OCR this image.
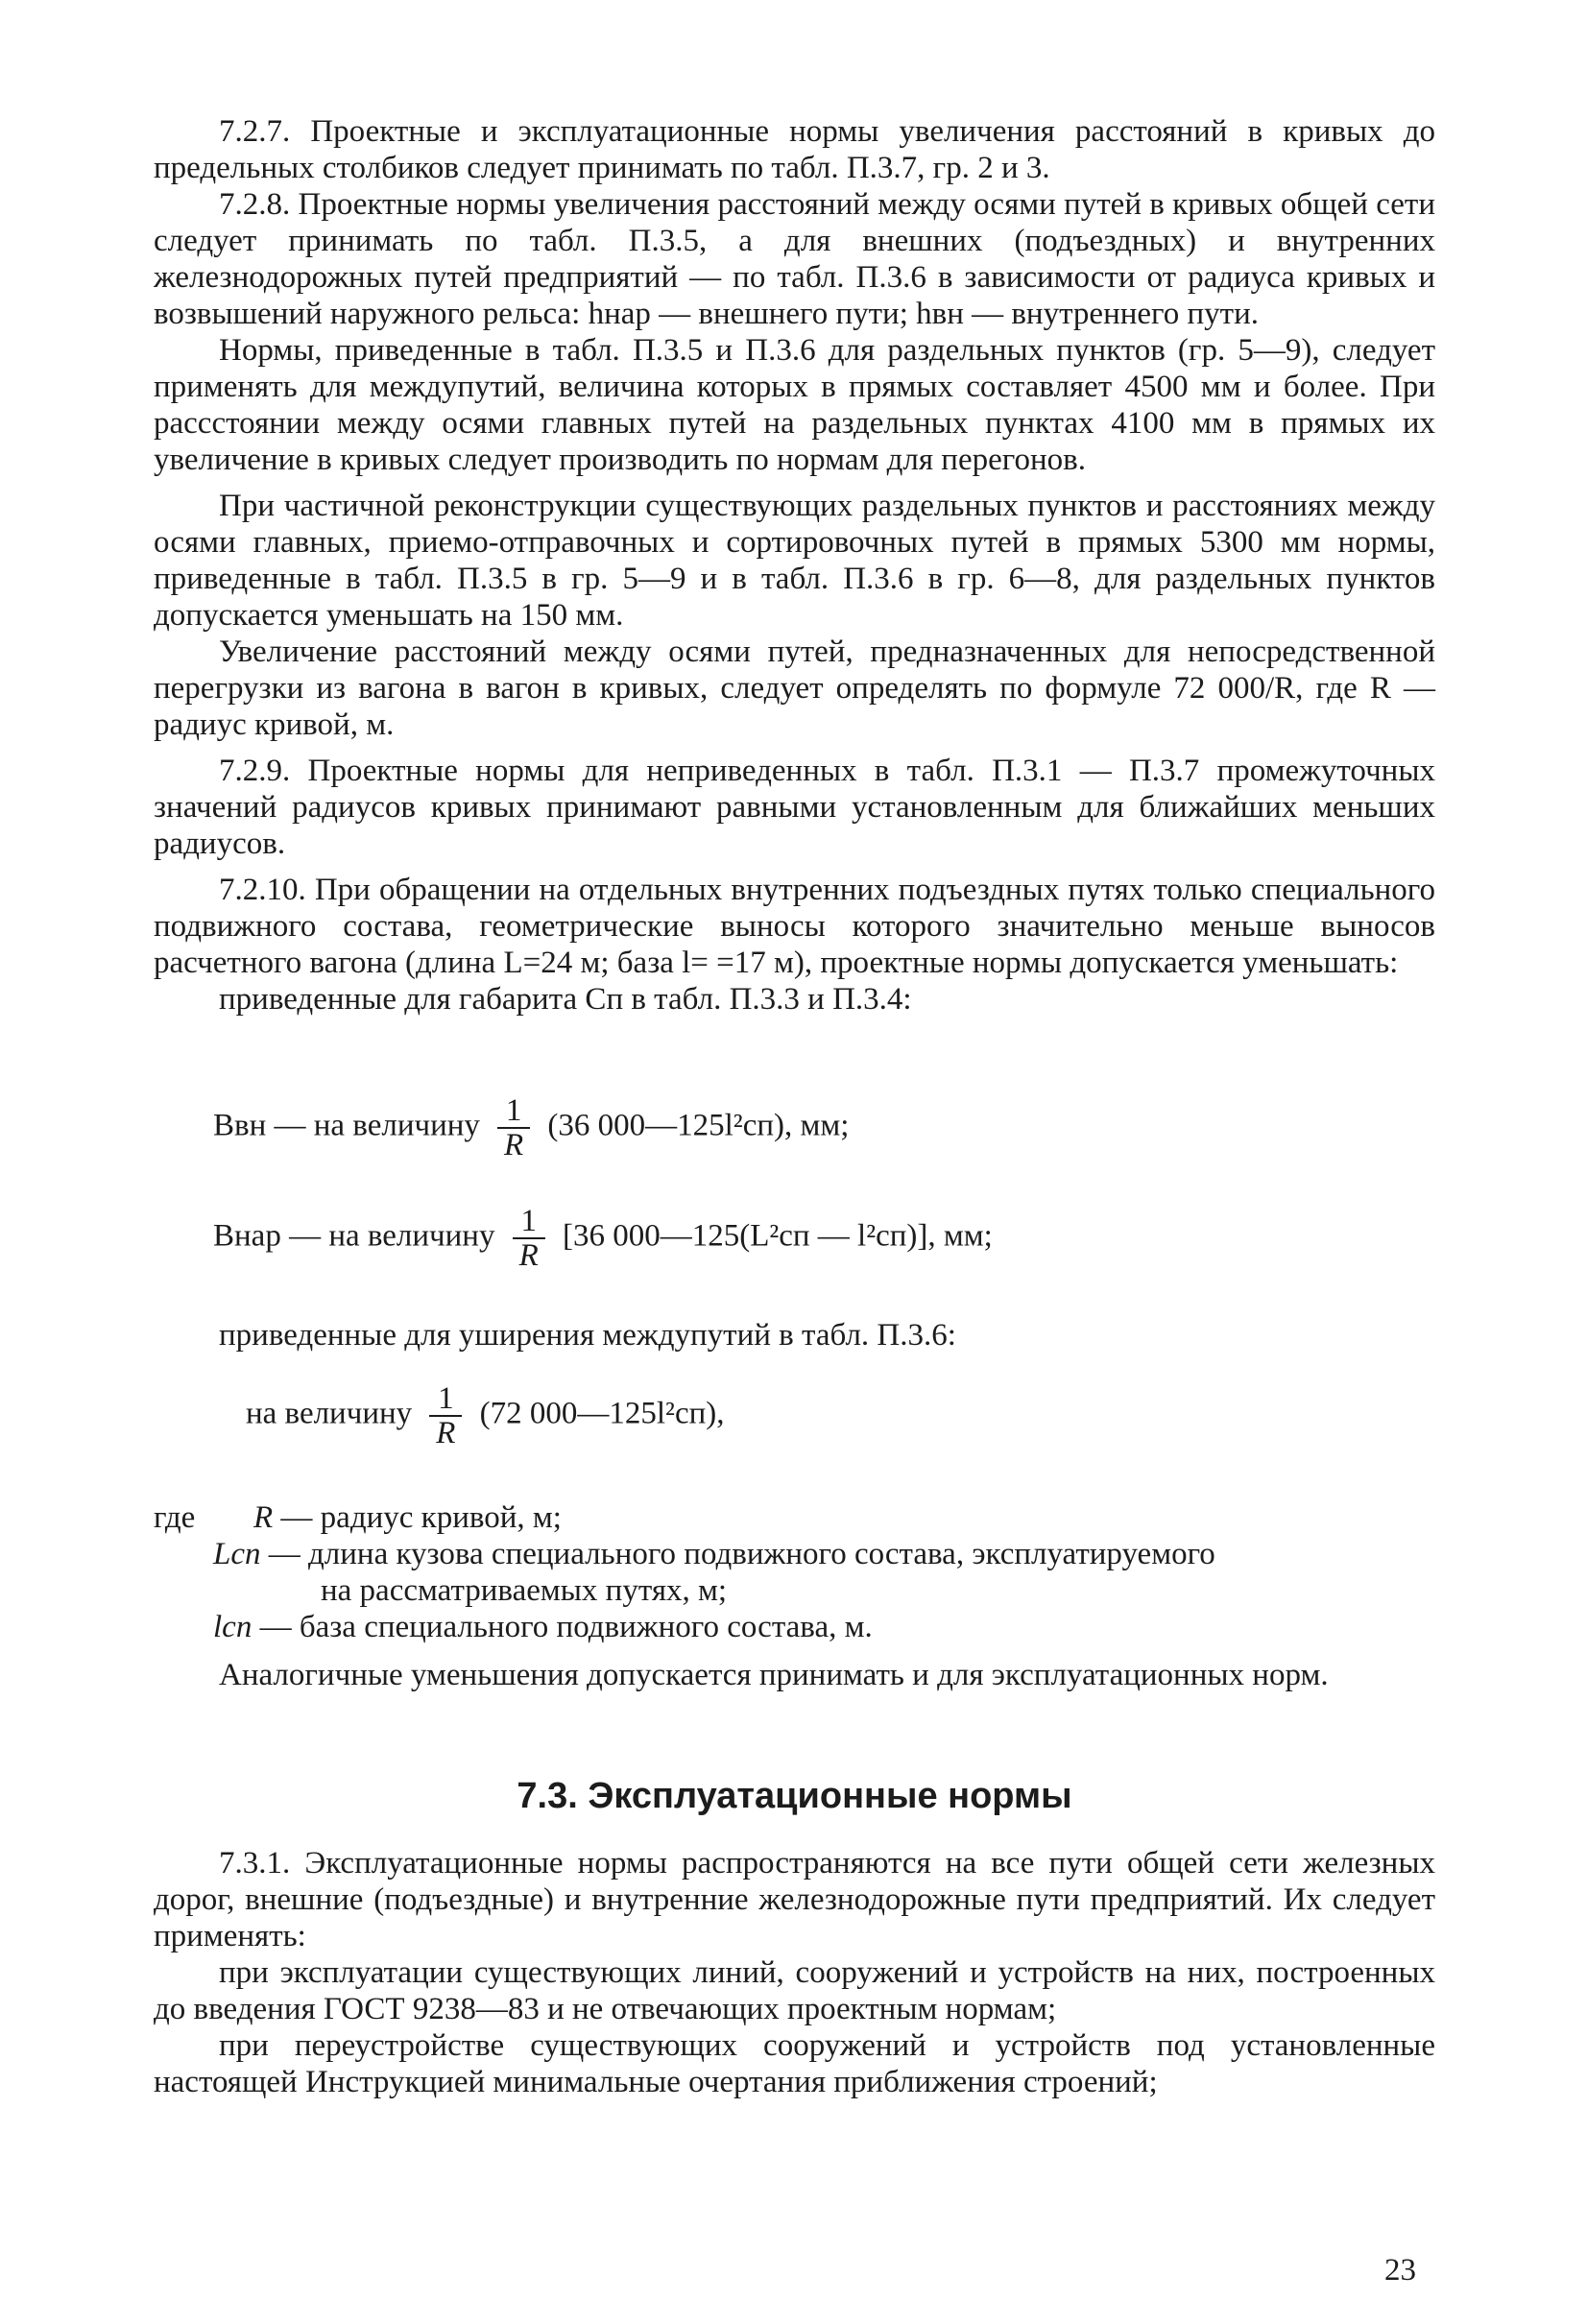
7.2.7. Проектные и эксплуатационные нормы увеличения расстояний в кривых до предельных столбиков следует принимать по табл. П.3.7, гр. 2 и 3.

7.2.8. Проектные нормы увеличения расстояний между осями путей в кривых общей сети следует принимать по табл. П.3.5, а для внешних (подъездных) и внутренних железнодорожных путей предприятий — по табл. П.3.6 в зависимости от радиуса кривых и возвышений наружного рельса: hнар — внешнего пути; hвн — внутреннего пути.

Нормы, приведенные в табл. П.3.5 и П.3.6 для раздельных пунктов (гр. 5—9), следует применять для междупутий, величина которых в прямых составляет 4500 мм и более. При расcстоянии между осями главных путей на раздельных пунктах 4100 мм в прямых их увеличение в кривых следует производить по нормам для перегонов.

При частичной реконструкции существующих раздельных пунктов и расстояниях между осями главных, приемо-отправочных и сортировочных путей в прямых 5300 мм нормы, приведенные в табл. П.3.5 в гр. 5—9 и в табл. П.3.6 в гр. 6—8, для раздельных пунктов допускается уменьшать на 150 мм.

Увеличение расстояний между осями путей, предназначенных для непосредственной перегрузки из вагона в вагон в кривых, следует определять по формуле 72 000/R, где R — радиус кривой, м.

7.2.9. Проектные нормы для неприведенных в табл. П.3.1 — П.3.7 промежуточных значений радиусов кривых принимают равными установленным для ближайших меньших радиусов.

7.2.10. При обращении на отдельных внутренних подъездных путях только специального подвижного состава, геометрические выносы которого значительно меньше выносов расчетного вагона (длина L=24 м; база l= =17 м), проектные нормы допускается уменьшать:

приведенные для габарита Сп в табл. П.3.3 и П.3.4:

Bвн — на величину $\frac{1}{R} (36$ 000—125l²сп), мм;
Bнар — на величину $\frac{1}{R} [36$ 000—125(L²сп — l²сп)], мм;

приведенные для уширения междупутий в табл. П.3.6:

на величину $\frac{1}{R} (72$ 000—125l²сп),
где R — радиус кривой, м;
Lсп — длина кузова специального подвижного состава, эксплуатируемого
на рассматриваемых путях, м;
lсп — база специального подвижного состава, м.

Аналогичные уменьшения допускается принимать и для эксплуатационных норм.

7.3. Эксплуатационные нормы

7.3.1. Эксплуатационные нормы распространяются на все пути общей сети железных дорог, внешние (подъездные) и внутренние железнодорожные пути предприятий. Их следует применять:

при эксплуатации существующих линий, сооружений и устройств на них, построенных до введения ГОСТ 9238—83 и не отвечающих проектным нормам;

при переустройстве существующих сооружений и устройств под установленные настоящей Инструкцией минимальные очертания приближения строений;

23
